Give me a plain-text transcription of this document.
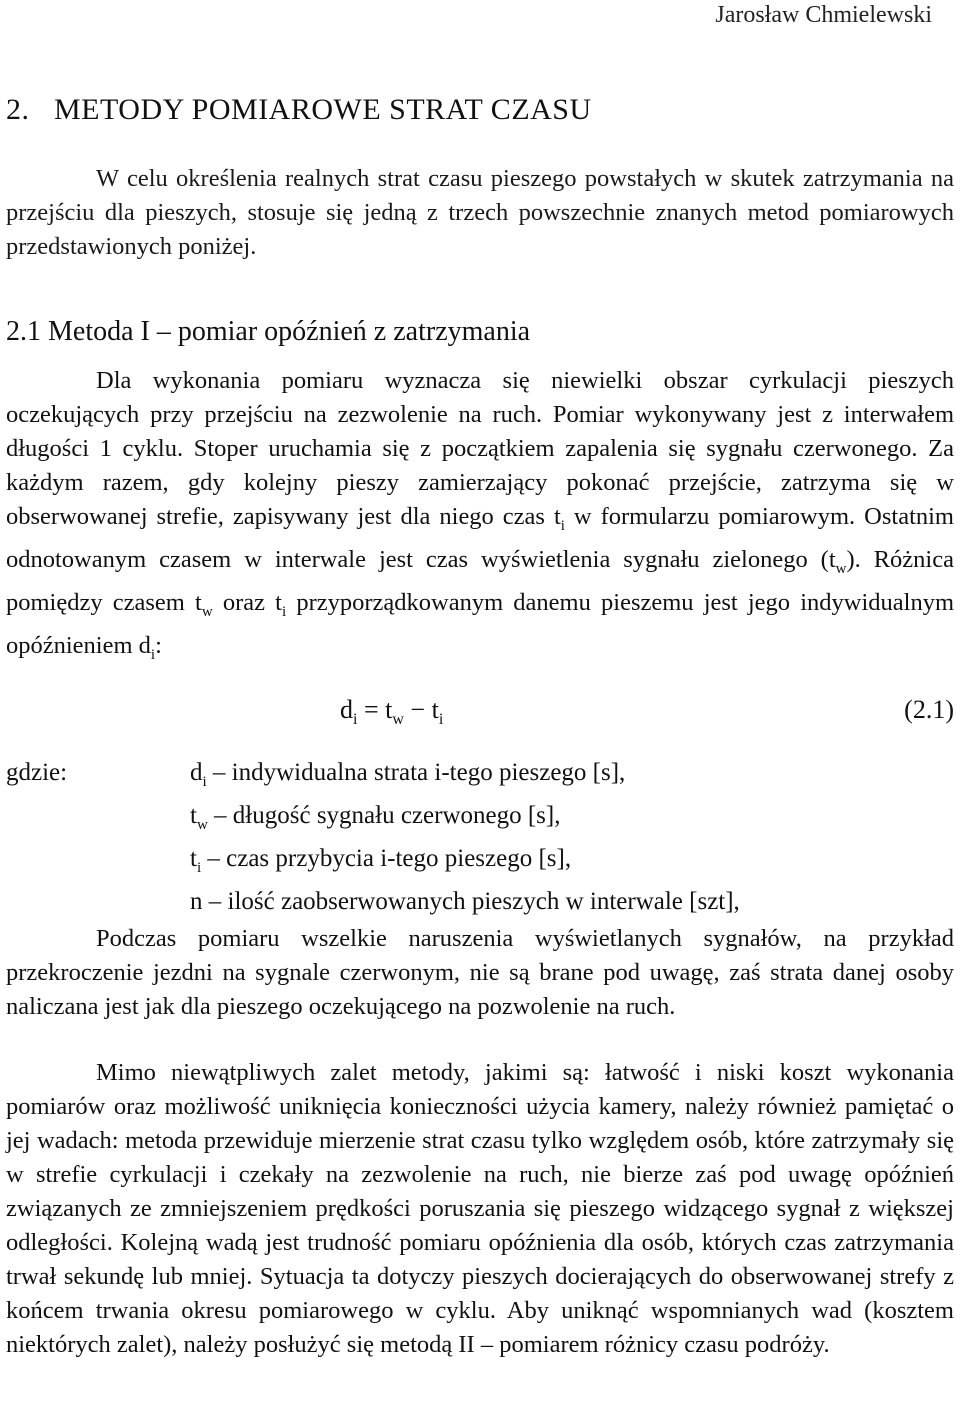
Jarosław Chmielewski
2. METODY POMIAROWE STRAT CZASU

W celu określenia realnych strat czasu pieszego powstałych w skutek zatrzymania na przejściu dla pieszych, stosuje się jedną z trzech powszechnie znanych metod pomiarowych przedstawionych poniżej.

2.1 Metoda I – pomiar opóźnień z zatrzymania

Dla wykonania pomiaru wyznacza się niewielki obszar cyrkulacji pieszych oczekujących przy przejściu na zezwolenie na ruch. Pomiar wykonywany jest z interwałem długości 1 cyklu. Stoper uruchamia się z początkiem zapalenia się sygnału czerwonego. Za każdym razem, gdy kolejny pieszy zamierzający pokonać przejście, zatrzyma się w obserwowanej strefie, zapisywany jest dla niego czas $t_i$ w formularzu pomiarowym. Ostatnim odnotowanym czasem w interwale jest czas wyświetlenia sygnału zielonego $(t_w)$. Różnica pomiędzy czasem $t_w$ oraz $t_i$ przyporządkowanym danemu pieszemu jest jego indywidualnym opóźnieniem $d_i$:

$d_i = t_w - t_i$	(2.1)
gdzie:	$d_i$ – indywidualna strata i-tego pieszego [s],
$t_w$ – długość sygnału czerwonego [s],
$t_i$ – czas przybycia i-tego pieszego [s],
n – ilość zaobserwowanych pieszych w interwale [szt],

Podczas pomiaru wszelkie naruszenia wyświetlanych sygnałów, na przykład przekroczenie jezdni na sygnale czerwonym, nie są brane pod uwagę, zaś strata danej osoby naliczana jest jak dla pieszego oczekującego na pozwolenie na ruch.

Mimo niewątpliwych zalet metody, jakimi są: łatwość i niski koszt wykonania pomiarów oraz możliwość uniknięcia konieczności użycia kamery, należy również pamiętać o jej wadach: metoda przewiduje mierzenie strat czasu tylko względem osób, które zatrzymały się w strefie cyrkulacji i czekały na zezwolenie na ruch, nie bierze zaś pod uwagę opóźnień związanych ze zmniejszeniem prędkości poruszania się pieszego widzącego sygnał z większej odległości. Kolejną wadą jest trudność pomiaru opóźnienia dla osób, których czas zatrzymania trwał sekundę lub mniej. Sytuacja ta dotyczy pieszych docierających do obserwowanej strefy z końcem trwania okresu pomiarowego w cyklu. Aby uniknąć wspomnianych wad (kosztem niektórych zalet), należy posłużyć się metodą II – pomiarem różnicy czasu podróży.
